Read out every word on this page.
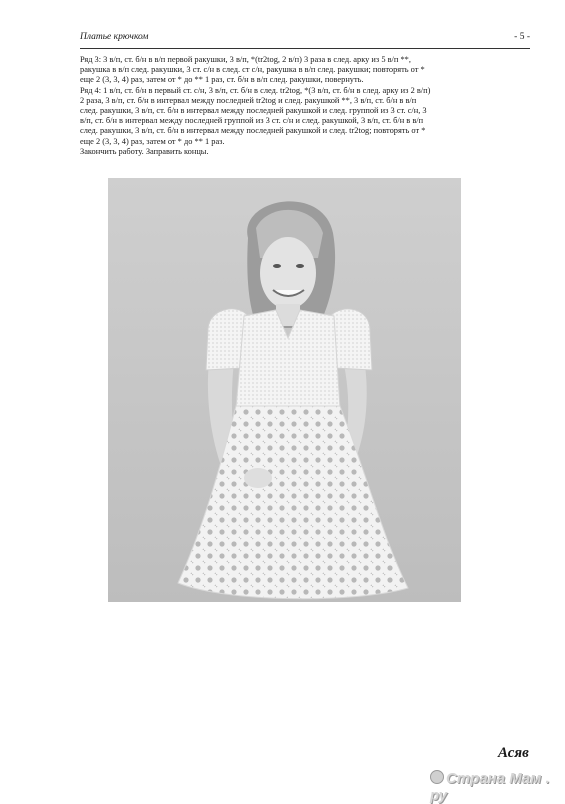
Платье крючком	- 5 -
Ряд 3: 3 в/п, ст. б/н в в/п первой ракушки, 3 в/п, *(tr2tog, 2 в/п) 3 раза в след. арку из 5 в/п **,
ракушка в в/п след. ракушки, 3 ст. с/н в след. ст с/н, ракушка в в/п след. ракушки; повторять от *
еще 2 (3, 3, 4) раз, затем от * до ** 1 раз, ст. б/н в в/п след. ракушки, повернуть.
Ряд 4: 1 в/п, ст. б/н в первый ст. с/н, 3 в/п, ст. б/н в след. tr2tog, *(3 в/п, ст. б/н в след. арку из 2 в/п)
2 раза, 3 в/п, ст. б/н в интервал между последней tr2tog и след. ракушкой **, 3 в/п, ст. б/н в в/п
след. ракушки, 3 в/п, ст. б/н в интервал между последней ракушкой и след. группой из 3 ст. с/н, 3
в/п, ст. б/н в интервал между последней группой из 3 ст. с/н и след. ракушкой, 3 в/п, ст. б/н в в/п
след. ракушки, 3 в/п, ст. б/н в интервал между последней ракушкой и след. tr2tog; повторять от *
еще 2 (3, 3, 4) раз, затем от * до ** 1 раз.
Закончить работу. Заправить концы.
Асяв
Страна Мам . ру
